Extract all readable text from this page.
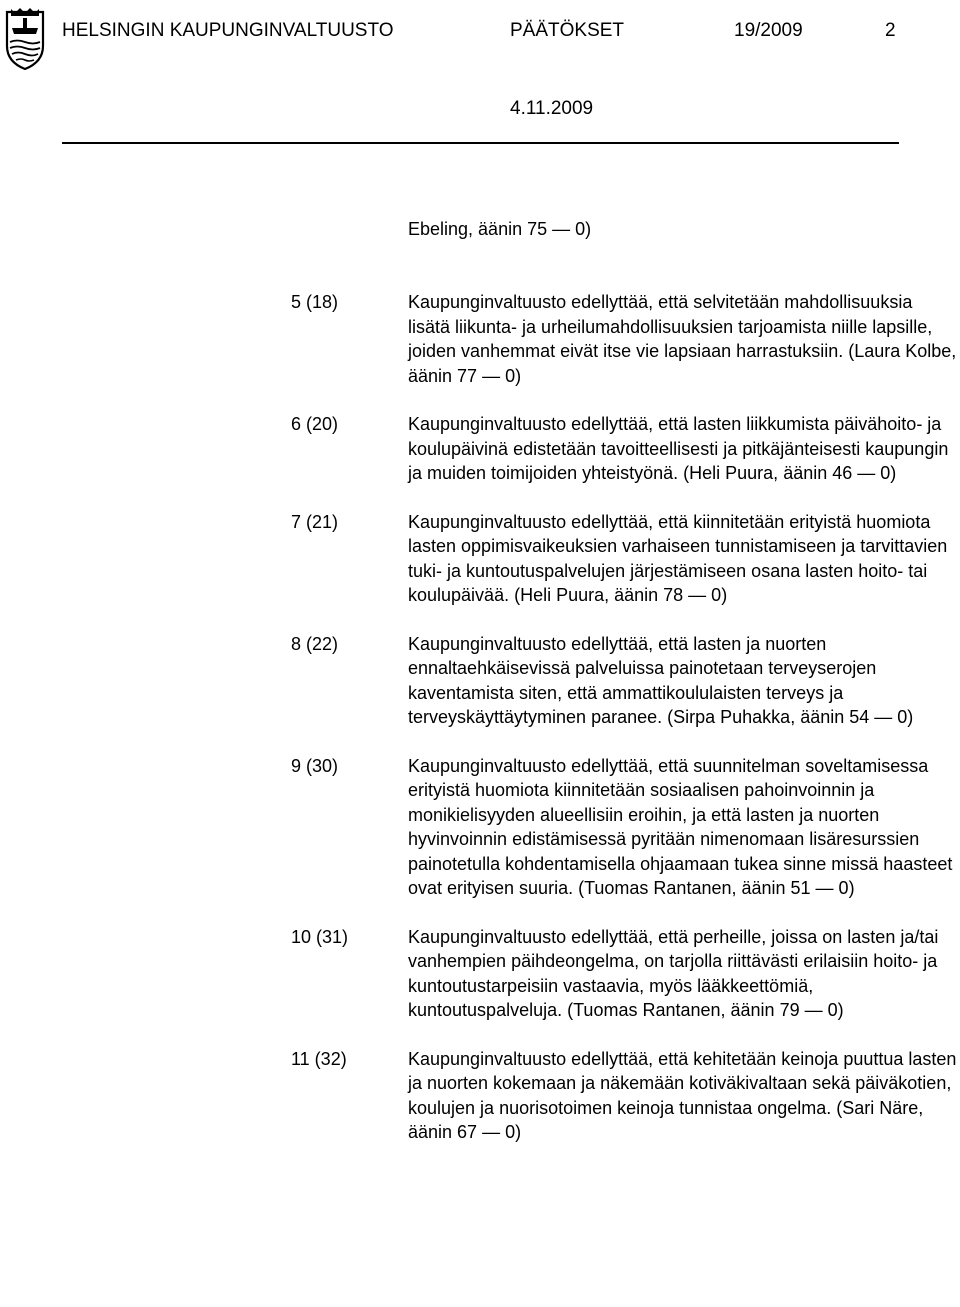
HELSINGIN KAUPUNGINVALTUUSTO	PÄÄTÖKSET	19/2009	2
4.11.2009
Ebeling, äänin 75 — 0)
5 (18)	Kaupunginvaltuusto edellyttää, että selvitetään mahdollisuuksia lisätä liikunta- ja urheilumahdollisuuksien tarjoamista niille lapsille, joiden vanhemmat eivät itse vie lapsiaan harrastuksiin. (Laura Kolbe, äänin 77 — 0)
6 (20)	Kaupunginvaltuusto edellyttää, että lasten liikkumista päivähoito- ja koulupäivinä edistetään tavoitteellisesti ja pitkäjänteisesti kaupungin ja muiden toimijoiden yhteistyönä. (Heli Puura, äänin 46 — 0)
7 (21)	Kaupunginvaltuusto edellyttää, että kiinnitetään erityistä huomiota lasten oppimisvaikeuksien varhaiseen tunnistamiseen ja tarvittavien tuki- ja kuntoutuspalvelujen järjestämiseen osana lasten hoito- tai koulupäivää. (Heli Puura, äänin 78 — 0)
8 (22)	Kaupunginvaltuusto edellyttää, että lasten ja nuorten ennaltaehkäisevissä palveluissa painotetaan terveyserojen kaventamista siten, että ammattikoululaisten terveys ja terveyskäyttäytyminen paranee. (Sirpa Puhakka, äänin 54 — 0)
9 (30)	Kaupunginvaltuusto edellyttää, että suunnitelman soveltamisessa erityistä huomiota kiinnitetään sosiaalisen pahoinvoinnin ja monikielisyyden alueellisiin eroihin, ja että lasten ja nuorten hyvinvoinnin edistämisessä pyritään nimenomaan lisäresurssien painotetulla kohdentamisella ohjaamaan tukea sinne missä haasteet ovat erityisen suuria. (Tuomas Rantanen, äänin 51 — 0)
10 (31)	Kaupunginvaltuusto edellyttää, että perheille, joissa on lasten ja/tai vanhempien päihdeongelma, on tarjolla riittävästi erilaisiin hoito- ja kuntoutustarpeisiin vastaavia, myös lääkkeettömiä, kuntoutuspalveluja. (Tuomas Rantanen, äänin 79 — 0)
11 (32)	Kaupunginvaltuusto edellyttää, että kehitetään keinoja puuttua lasten ja nuorten kokemaan ja näkemään kotiväkivaltaan sekä päiväkotien, koulujen ja nuorisotoimen keinoja tunnistaa ongelma. (Sari Näre, äänin 67 — 0)
